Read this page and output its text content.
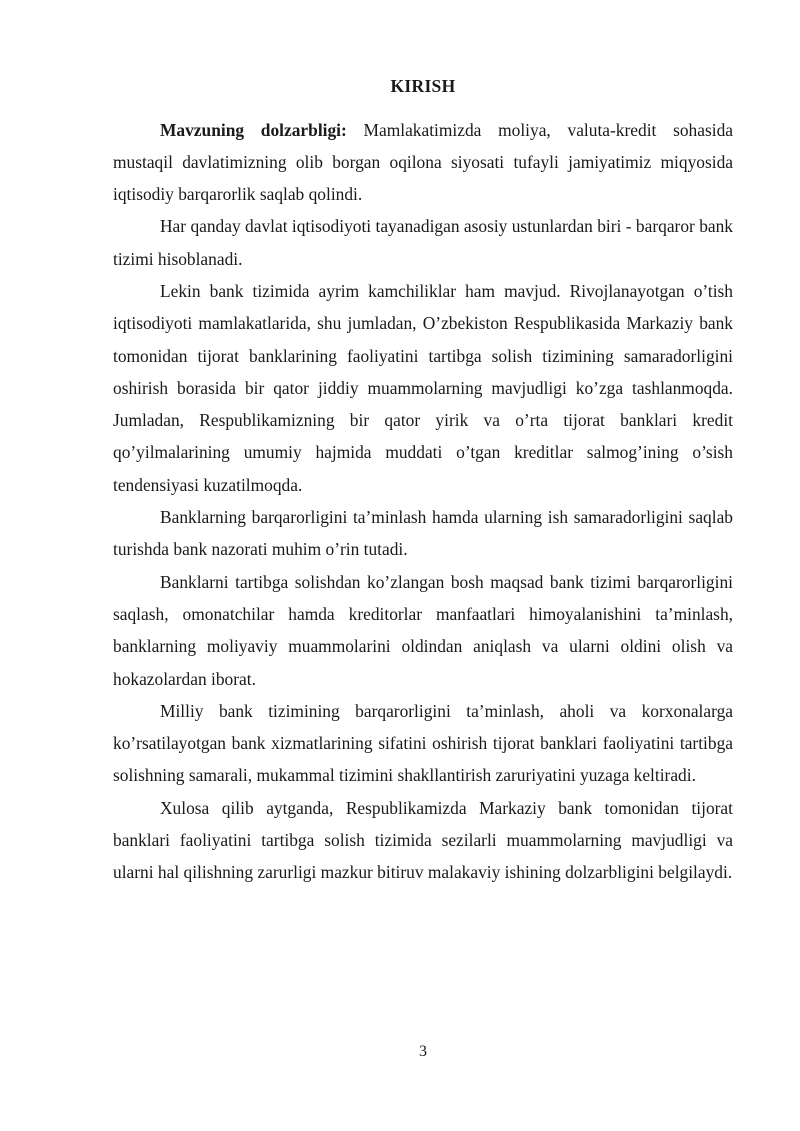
KIRISH

Mavzuning dolzarbligi: Mamlakatimizda moliya, valuta-kredit sohasida mustaqil davlatimizning olib borgan oqilona siyosati tufayli jamiyatimiz miqyosida iqtisodiy barqarorlik saqlab qolindi.

Har qanday davlat iqtisodiyoti tayanadigan asosiy ustunlardan biri - barqaror bank tizimi hisoblanadi.

Lekin bank tizimida ayrim kamchiliklar ham mavjud. Rivojlanayotgan o’tish iqtisodiyoti mamlakatlarida, shu jumladan, O’zbekiston Respublikasida Markaziy bank tomonidan tijorat banklarining faoliyatini tartibga solish tizimining samaradorligini oshirish borasida bir qator jiddiy muammolarning mavjudligi ko’zga tashlanmoqda. Jumladan, Respublikamizning bir qator yirik va o’rta tijorat banklari kredit qo’yilmalarining umumiy hajmida muddati o’tgan kreditlar salmog’ining o’sish tendensiyasi kuzatilmoqda.

Banklarning barqarorligini ta’minlash hamda ularning ish samaradorligini saqlab turishda bank nazorati muhim o’rin tutadi.

Banklarni tartibga solishdan ko’zlangan bosh maqsad bank tizimi barqarorligini saqlash, omonatchilar hamda kreditorlar manfaatlari himoyalanishini ta’minlash, banklarning moliyaviy muammolarini oldindan aniqlash va ularni oldini olish va hokazolardan iborat.

Milliy bank tizimining barqarorligini ta’minlash, aholi va korxonalarga ko’rsatilayotgan bank xizmatlarining sifatini oshirish tijorat banklari faoliyatini tartibga solishning samarali, mukammal tizimini shakllantirish zaruriyatini yuzaga keltiradi.

Xulosa qilib aytganda, Respublikamizda Markaziy bank tomonidan tijorat banklari faoliyatini tartibga solish tizimida sezilarli muammolarning mavjudligi va ularni hal qilishning zarurligi mazkur bitiruv malakaviy ishining dolzarbligini belgilaydi.

3
